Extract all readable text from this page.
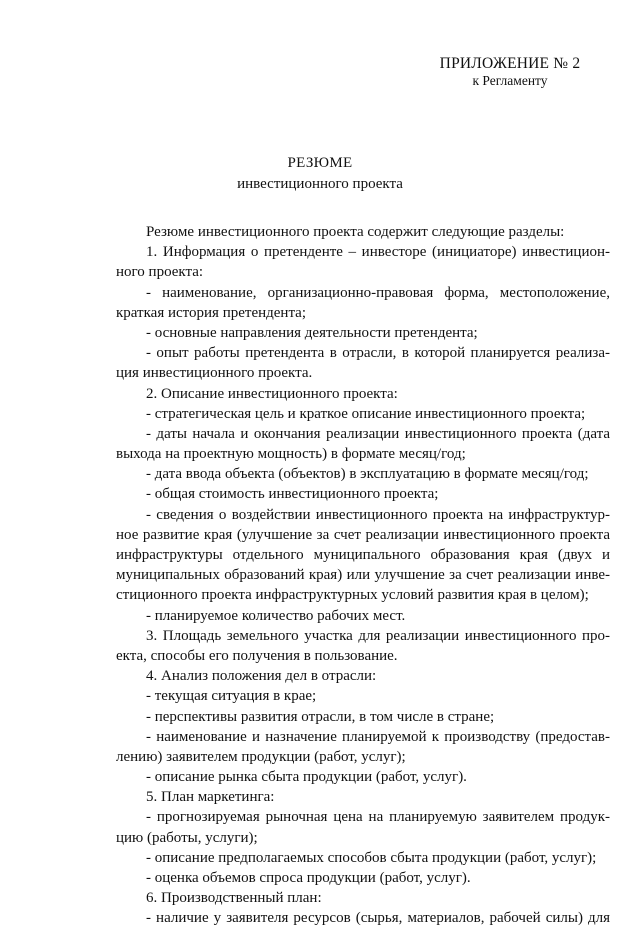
ПРИЛОЖЕНИЕ № 2
к Регламенту
РЕЗЮМЕ
инвестиционного проекта
Резюме инвестиционного проекта содержит следующие разделы:
1. Информация о претенденте – инвесторе (инициаторе) инвестицион-
ного проекта:
- наименование, организационно-правовая форма, местоположение,
краткая история претендента;
- основные направления деятельности претендента;
- опыт работы претендента в отрасли, в которой планируется реализа-
ция инвестиционного проекта.
2. Описание инвестиционного проекта:
- стратегическая цель и краткое описание инвестиционного проекта;
- даты начала и окончания реализации инвестиционного проекта (дата
выхода на проектную мощность) в формате месяц/год;
- дата ввода объекта (объектов) в эксплуатацию в формате месяц/год;
- общая стоимость инвестиционного проекта;
- сведения о воздействии инвестиционного проекта на инфраструктур-
ное развитие края (улучшение за счет реализации инвестиционного проекта
инфраструктуры отдельного муниципального образования края (двух и
муниципальных образований края) или улучшение за счет реализации инве-
стиционного проекта инфраструктурных условий развития края в целом);
- планируемое количество рабочих мест.
3. Площадь земельного участка для реализации инвестиционного про-
екта, способы его получения в пользование.
4. Анализ положения дел в отрасли:
- текущая ситуация в крае;
- перспективы развития отрасли, в том числе в стране;
- наименование и назначение планируемой к производству (предостав-
лению) заявителем продукции (работ, услуг);
- описание рынка сбыта продукции (работ, услуг).
5. План маркетинга:
- прогнозируемая рыночная цена на планируемую заявителем продук-
цию (работы, услуги);
- описание предполагаемых способов сбыта продукции (работ, услуг);
- оценка объемов спроса продукции (работ, услуг).
6. Производственный план:
- наличие у заявителя ресурсов (сырья, материалов, рабочей силы) для
